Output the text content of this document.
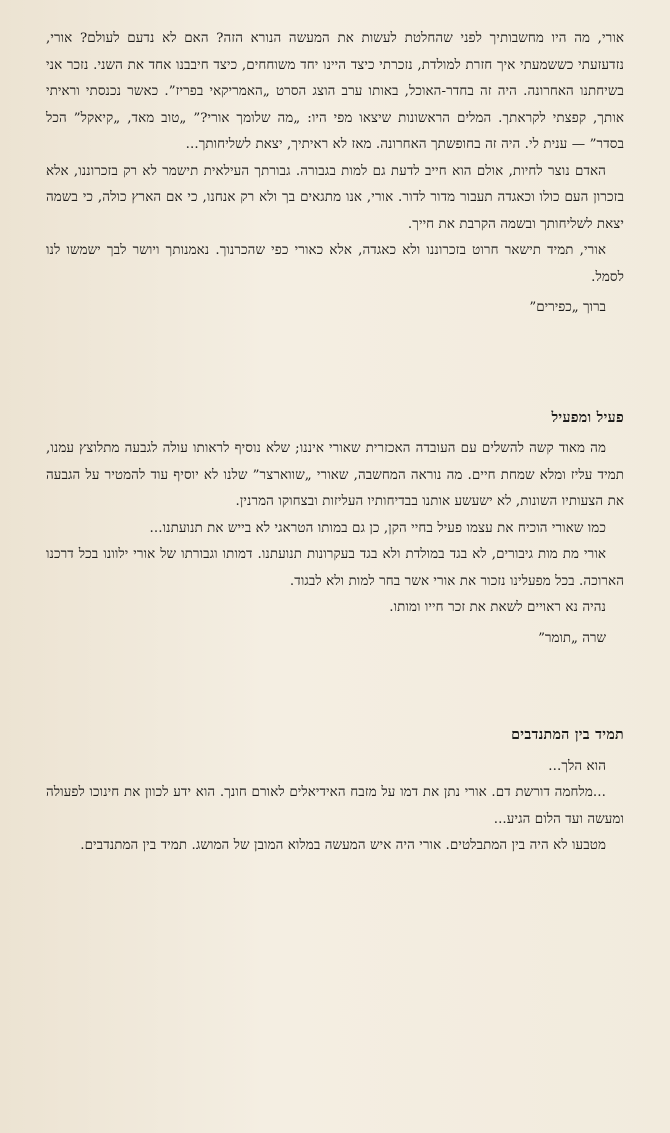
אורי, מה היו מחשבותיך לפני שהחלטת לעשות את המעשה הנורא הזה? האם לא נדעם לעולם? אורי, נזדעזעתי כששמעתי איך חזרת למולדת, נזכרתי כיצד היינו יחד משוחחים, כיצד חיבבנו אחד את השני. נזכר אני בשיחתנו האחרונה. היה זה בחדר-האוכל, באותו ערב הוצג הסרט „האמריקאי בפריז”. כאשר נכנסתי וראיתי אותך, קפצתי לקראתך. המלים הראשונות שיצאו מפי היו: „מה שלומך אורי?” „טוב מאד, „קיאקל” הכל בסדר” — ענית לי. היה זה בחופשתך האחרונה. מאז לא ראיתיך, יצאת לשליחותך...

האדם נוצר לחיות, אולם הוא חייב לדעת גם למות בגבורה. גבורתך העילאית תישמר לא רק בזכרוננו, אלא בזכרון העם כולו וכאגדה תעבור מדור לדור. אורי, אנו מתגאים בך ולא רק אנחנו, כי אם הארץ כולה, כי בשמה יצאת לשליחותך ובשמה הקרבת את חייך.

אורי, תמיד תישאר חרוט בזכרוננו ולא כאגדה, אלא כאורי כפי שהכרנוך. נאמנותך ויושר לבך ישמשו לנו לסמל.

ברוך „כפירים”
פעיל ומפעיל

מה מאוד קשה להשלים עם העובדה האכזרית שאורי איננו; שלא נוסיף לראותו עולה לגבעה מתלוצץ עמנו, תמיד עליז ומלא שמחת חיים. מה נוראה המחשבה, שאורי „שווארצר” שלנו לא יוסיף עוד להמטיר על הגבעה את הצעותיו השונות, לא ישעשע אותנו בבדיחותיו העליזות ובצחוקו המרנין.

כמו שאורי הוכיח את עצמו פעיל בחיי הקן, כן גם במותו הטראגי לא בייש את תנועתנו...

אורי מת מות גיבורים, לא בגד במולדת ולא בגד בעקרונות תנועתנו. דמותו וגבורתו של אורי ילוונו בכל דרכנו הארוכה. בכל מפעלינו נזכור את אורי אשר בחר למות ולא לבגוד.

נהיה נא ראויים לשאת את זכר חייו ומותו.

שרה „תומר”
תמיד בין המתנדבים

הוא הלך...

...מלחמה דורשת דם. אורי נתן את דמו על מזבח האידיאלים לאורם חונך. הוא ידע לכוון את חינוכו לפעולה ומעשה ועד הלום הגיע...

מטבעו לא היה בין המתבלטים. אורי היה איש המעשה במלוא המובן של המושג. תמיד בין המתנדבים.
